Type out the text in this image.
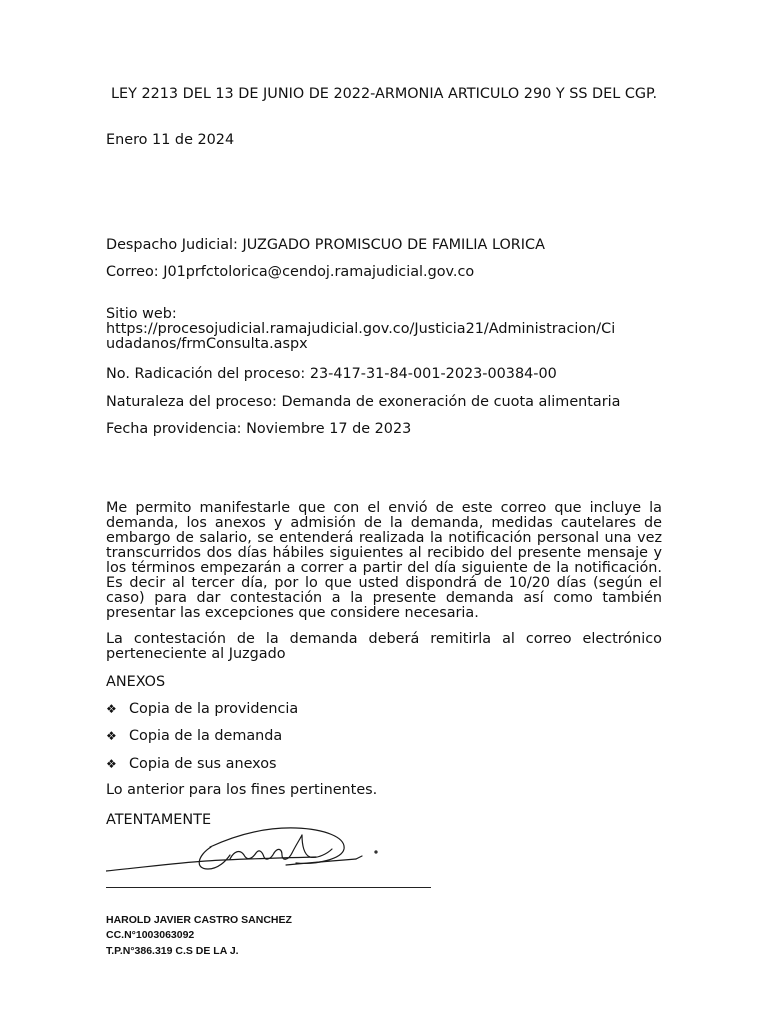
LEY 2213 DEL 13 DE JUNIO DE 2022-ARMONIA ARTICULO 290 Y SS DEL CGP.

Enero 11 de 2024

Despacho Judicial: JUZGADO PROMISCUO DE FAMILIA LORICA

Correo: J01prfctolorica@cendoj.ramajudicial.gov.co

Sitio web:

https://procesojudicial.ramajudicial.gov.co/Justicia21/Administracion/Ci

udadanos/frmConsulta.aspx

No. Radicación del proceso: 23-417-31-84-001-2023-00384-00

Naturaleza del proceso: Demanda de exoneración de cuota alimentaria

Fecha providencia: Noviembre 17 de 2023

Me permito manifestarle que con el envió de este correo que incluye la demanda, los anexos y admisión de la demanda, medidas cautelares de embargo de salario, se entenderá realizada la notificación personal una vez transcurridos dos días hábiles siguientes al recibido del presente mensaje y los términos empezarán a correr a partir del día siguiente de la notificación. Es decir al tercer día, por lo que usted dispondrá de 10/20 días (según el caso) para dar contestación a la presente demanda así como también presentar las excepciones que considere necesaria.

La contestación de la demanda deberá remitirla al correo electrónico perteneciente al Juzgado

ANEXOS

❖ Copia de la providencia
❖ Copia de la demanda
❖ Copia de sus anexos

Lo anterior para los fines pertinentes.

ATENTAMENTE

HAROLD JAVIER CASTRO SANCHEZ

CC.N°1003063092

T.P.N°386.319 C.S DE LA J.
